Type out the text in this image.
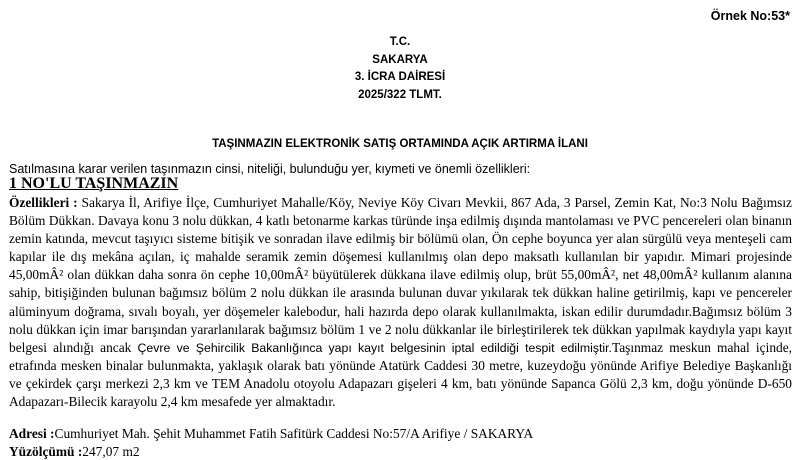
Örnek No:53*
T.C.
SAKARYA
3. İCRA DAİRESİ
2025/322 TLMT.
TAŞINMAZIN ELEKTRONİK SATIŞ ORTAMINDA AÇIK ARTIRMA İLANI
Satılmasına karar verilen taşınmazın cinsi, niteliği, bulunduğu yer, kıymeti ve önemli özellikleri:
1 NO'LU TAŞINMAZIN
Özellikleri : Sakarya İl, Arifiye İlçe, Cumhuriyet Mahalle/Köy, Neviye Köy Civarı Mevkii, 867 Ada, 3 Parsel, Zemin Kat, No:3 Nolu Bağımsız Bölüm Dükkan. Davaya konu 3 nolu dükkan, 4 katlı betonarme karkas türünde inşa edilmiş dışında mantolaması ve PVC pencereleri olan binanın zemin katında, mevcut taşıyıcı sisteme bitişik ve sonradan ilave edilmiş bir bölümü olan, Ön cephe boyunca yer alan sürgülü veya menteşeli cam kapılar ile dış mekâna açılan, iç mahalde seramik zemin döşemesi kullanılmış olan depo maksatlı kullanılan bir yapıdır. Mimari projesinde 45,00mÂ² olan dükkan daha sonra ön cephe 10,00mÂ² büyütülerek dükkana ilave edilmiş olup, brüt 55,00mÂ², net 48,00mÂ² kullanım alanına sahip, bitişiğinden bulunan bağımsız bölüm 2 nolu dükkan ile arasında bulunan duvar yıkılarak tek dükkan haline getirilmiş, kapı ve pencereler alüminyum doğrama, sıvalı boyalı, yer döşemeler kalebodur, hali hazırda depo olarak kullanılmakta, iskan edilir durumdadır.Bağımsız bölüm 3 nolu dükkan için imar barışından yararlanılarak bağımsız bölüm 1 ve 2 nolu dükkanlar ile birleştirilerek tek dükkan yapılmak kaydıyla yapı kayıt belgesi alındığı ancak Çevre ve Şehircilik Bakanlığınca yapı kayıt belgesinin iptal edildiği tespit edilmiştir.Taşınmaz meskun mahal içinde, etrafında mesken binalar bulunmakta, yaklaşık olarak batı yönünde Atatürk Caddesi 30 metre, kuzeydoğu yönünde Arifiye Belediye Başkanlığı ve çekirdek çarşı merkezi 2,3 km ve TEM Anadolu otoyolu Adapazarı gişeleri 4 km, batı yönünde Sapanca Gölü 2,3 km, doğu yönünde D-650 Adapazarı-Bilecik karayolu 2,4 km mesafede yer almaktadır.
Adresi :Cumhuriyet Mah. Şehit Muhammet Fatih Safitürk Caddesi No:57/A Arifiye / SAKARYA
Yüzölçümü :247,07 m2
